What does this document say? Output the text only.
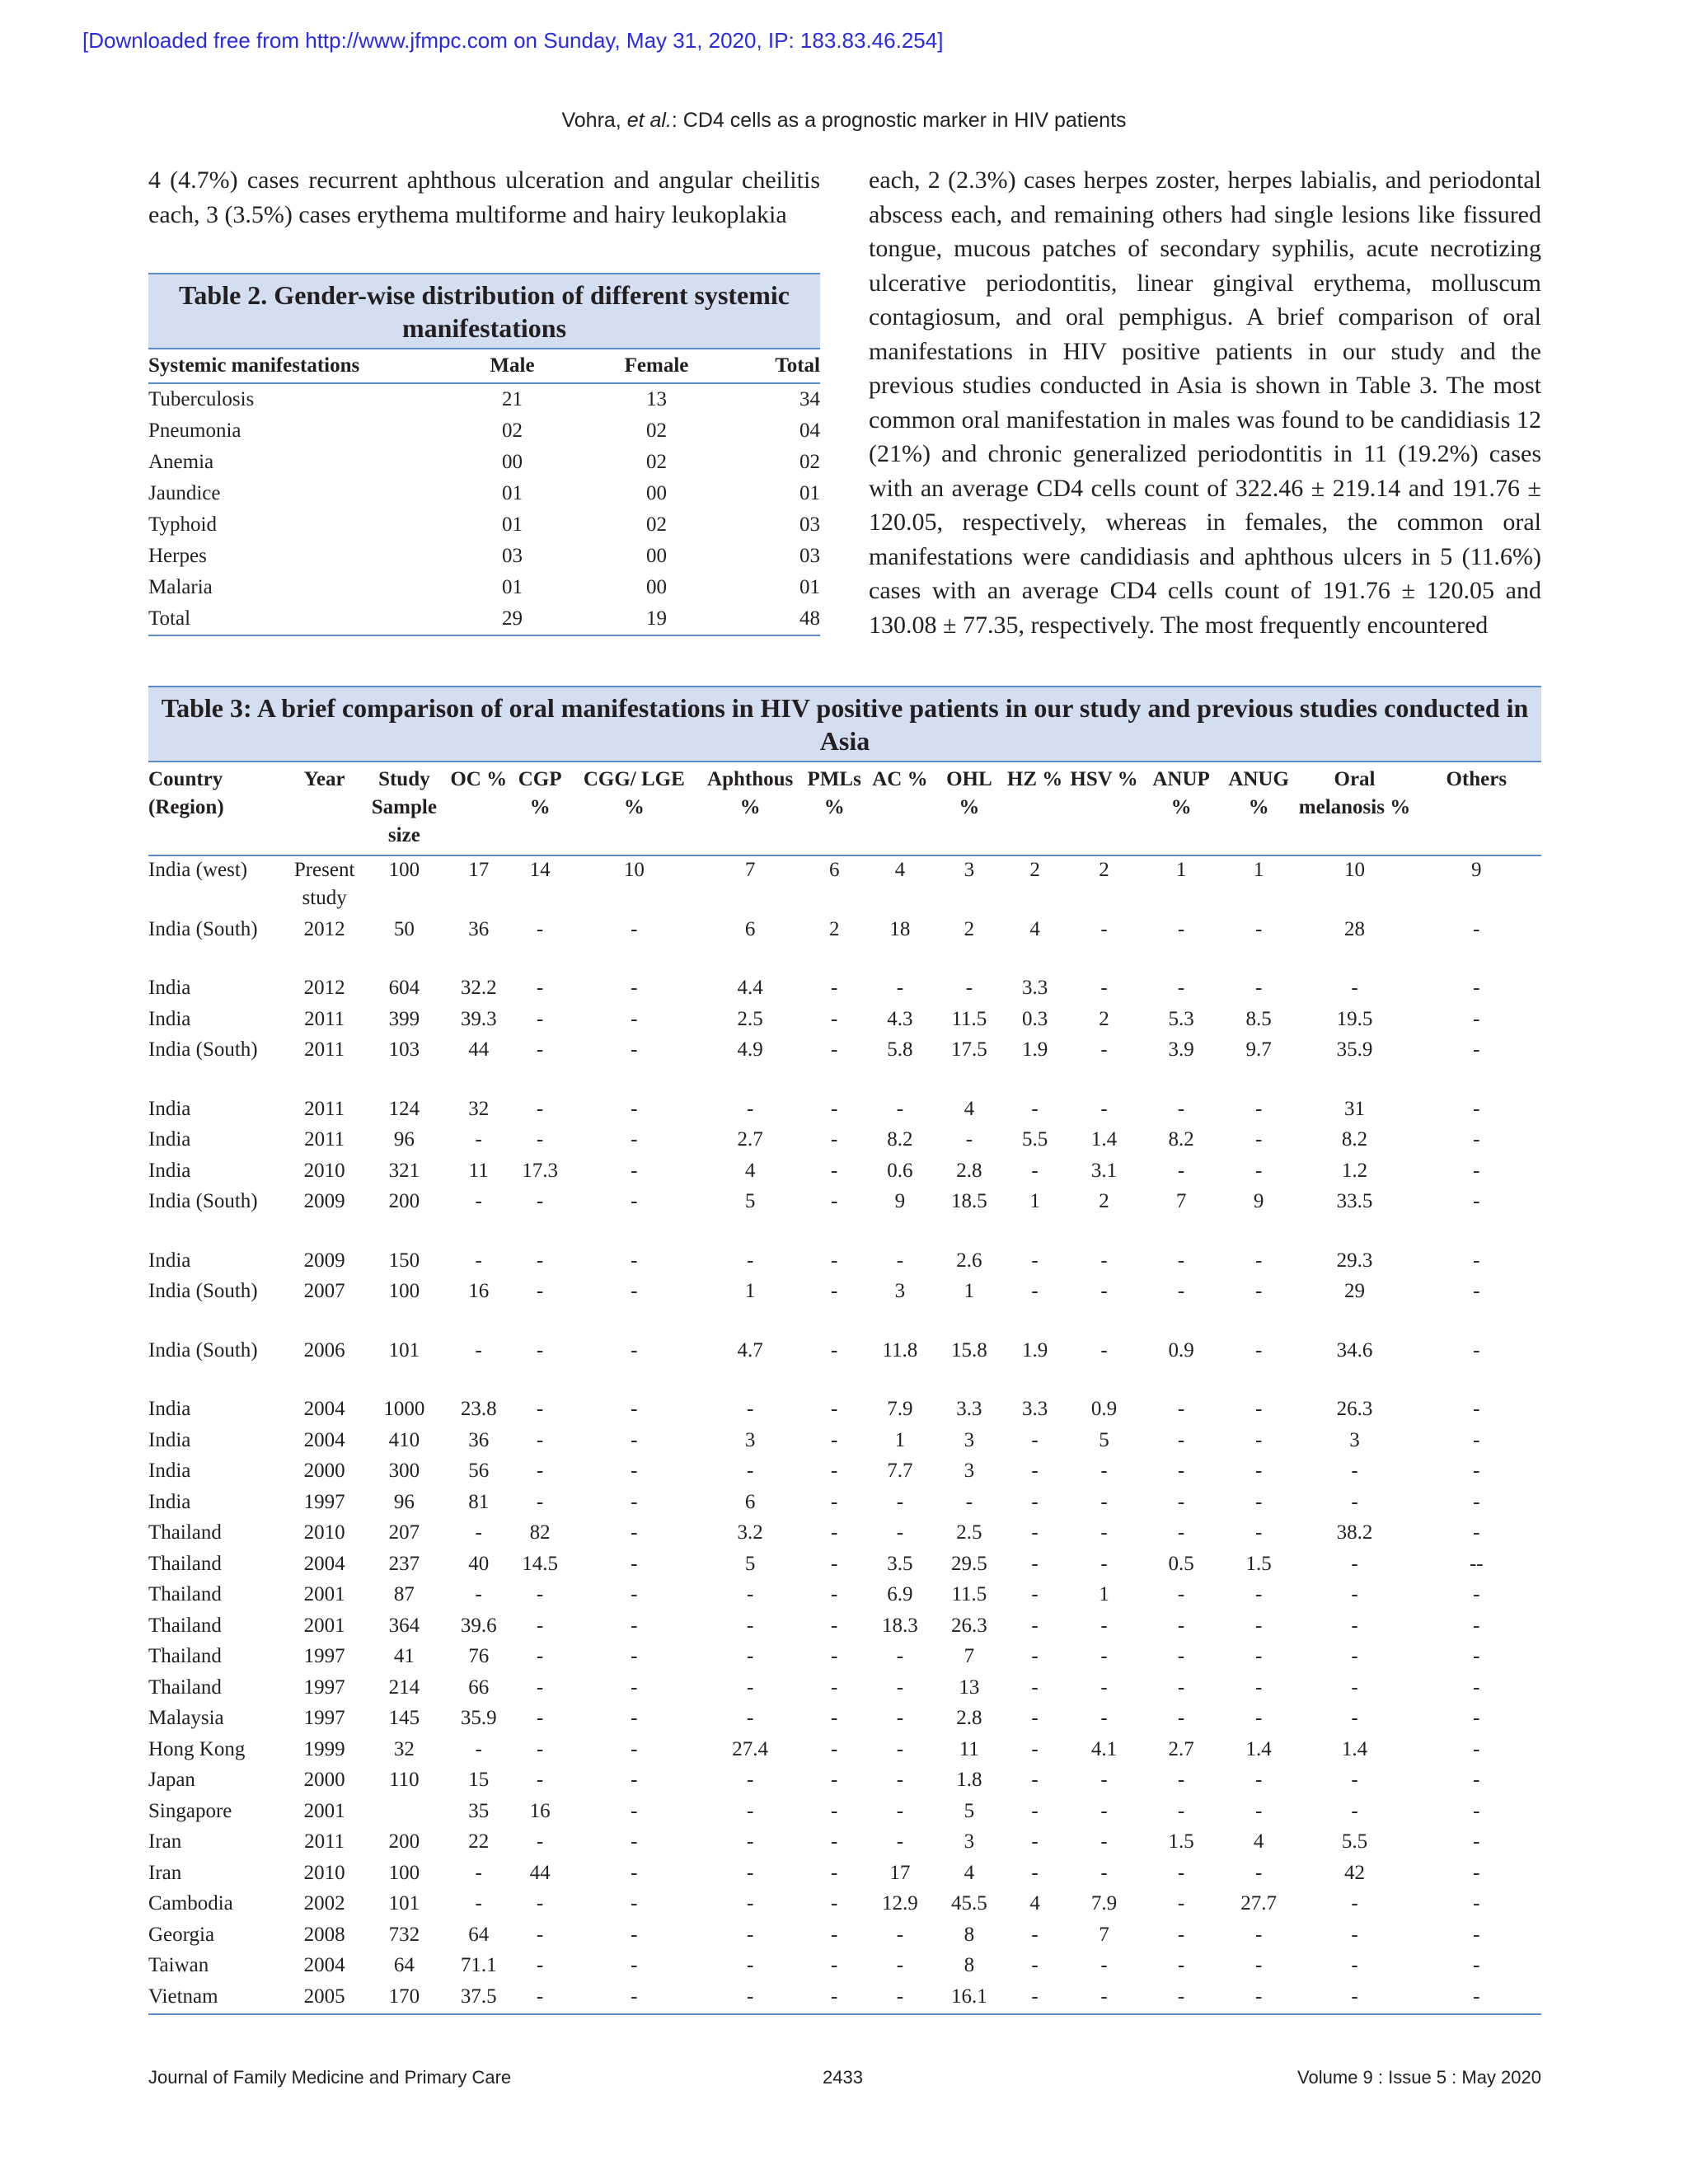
[Downloaded free from http://www.jfmpc.com on Sunday, May 31, 2020, IP: 183.83.46.254]
Vohra, et al.: CD4 cells as a prognostic marker in HIV patients
4 (4.7%) cases recurrent aphthous ulceration and angular cheilitis each, 3 (3.5%) cases erythema multiforme and hairy leukoplakia
each, 2 (2.3%) cases herpes zoster, herpes labialis, and periodontal abscess each, and remaining others had single lesions like fissured tongue, mucous patches of secondary syphilis, acute necrotizing ulcerative periodontitis, linear gingival erythema, molluscum contagiosum, and oral pemphigus. A brief comparison of oral manifestations in HIV positive patients in our study and the previous studies conducted in Asia is shown in Table 3. The most common oral manifestation in males was found to be candidiasis 12 (21%) and chronic generalized periodontitis in 11 (19.2%) cases with an average CD4 cells count of 322.46 ± 219.14 and 191.76 ± 120.05, respectively, whereas in females, the common oral manifestations were candidiasis and aphthous ulcers in 5 (11.6%) cases with an average CD4 cells count of 191.76 ± 120.05 and 130.08 ± 77.35, respectively. The most frequently encountered
Table 2. Gender-wise distribution of different systemic manifestations
Systemic manifestations	Male	Female	Total
Tuberculosis	21	13	34
Pneumonia	02	02	04
Anemia	00	02	02
Jaundice	01	00	01
Typhoid	01	02	03
Herpes	03	00	03
Malaria	01	00	01
Total	29	19	48
Table 3: A brief comparison of oral manifestations in HIV positive patients in our study and previous studies conducted in Asia
Country (Region)	Year	Study Sample size	OC %	CGP %	CGG/ LGE %	Aphthous %	PMLs %	AC %	OHL %	HZ %	HSV %	ANUP %	ANUG %	Oral melanosis %	Others
India (west)	Present study	100	17	14	10	7	6	4	3	2	2	1	1	10	9
India (South)	2012	50	36	-	-	6	2	18	2	4	-	-	-	28	-
India	2012	604	32.2	-	-	4.4	-	-	-	3.3	-	-	-	-	-
India	2011	399	39.3	-	-	2.5	-	4.3	11.5	0.3	2	5.3	8.5	19.5	-
India (South)	2011	103	44	-	-	4.9	-	5.8	17.5	1.9	-	3.9	9.7	35.9	-
India	2011	124	32	-	-	-	-	-	4	-	-	-	-	31	-
India	2011	96	-	-	-	2.7	-	8.2	-	5.5	1.4	8.2	-	8.2	-
India	2010	321	11	17.3	-	4	-	0.6	2.8	-	3.1	-	-	1.2	-
India (South)	2009	200	-	-	-	5	-	9	18.5	1	2	7	9	33.5	-
India	2009	150	-	-	-	-	-	-	2.6	-	-	-	-	29.3	-
India (South)	2007	100	16	-	-	1	-	3	1	-	-	-	-	29	-
India (South)	2006	101	-	-	-	4.7	-	11.8	15.8	1.9	-	0.9	-	34.6	-
India	2004	1000	23.8	-	-	-	-	7.9	3.3	3.3	0.9	-	-	26.3	-
India	2004	410	36	-	-	3	-	1	3	-	5	-	-	3	-
India	2000	300	56	-	-	-	-	7.7	3	-	-	-	-	-	-
India	1997	96	81	-	-	6	-	-	-	-	-	-	-	-	-
Thailand	2010	207	-	82	-	3.2	-	-	2.5	-	-	-	-	38.2	-
Thailand	2004	237	40	14.5	-	5	-	3.5	29.5	-	-	0.5	1.5	-	--
Thailand	2001	87	-	-	-	-	-	6.9	11.5	-	1	-	-	-	-
Thailand	2001	364	39.6	-	-	-	-	18.3	26.3	-	-	-	-	-	-
Thailand	1997	41	76	-	-	-	-	-	7	-	-	-	-	-	-
Thailand	1997	214	66	-	-	-	-	-	13	-	-	-	-	-	-
Malaysia	1997	145	35.9	-	-	-	-	-	2.8	-	-	-	-	-	-
Hong Kong	1999	32	-	-	-	27.4	-	-	11	-	4.1	2.7	1.4	1.4	-
Japan	2000	110	15	-	-	-	-	-	1.8	-	-	-	-	-	-
Singapore	2001		35	16	-	-	-	-	5	-	-	-	-	-	-
Iran	2011	200	22	-	-	-	-	-	3	-	-	1.5	4	5.5	-
Iran	2010	100	-	44	-	-	-	17	4	-	-	-	-	42	-
Cambodia	2002	101	-	-	-	-	-	12.9	45.5	4	7.9	-	27.7	-	-
Georgia	2008	732	64	-	-	-	-	-	8	-	7	-	-	-	-
Taiwan	2004	64	71.1	-	-	-	-	-	8	-	-	-	-	-	-
Vietnam	2005	170	37.5	-	-	-	-	-	16.1	-	-	-	-	-	-
Journal of Family Medicine and Primary Care	2433	Volume 9 : Issue 5 : May 2020
